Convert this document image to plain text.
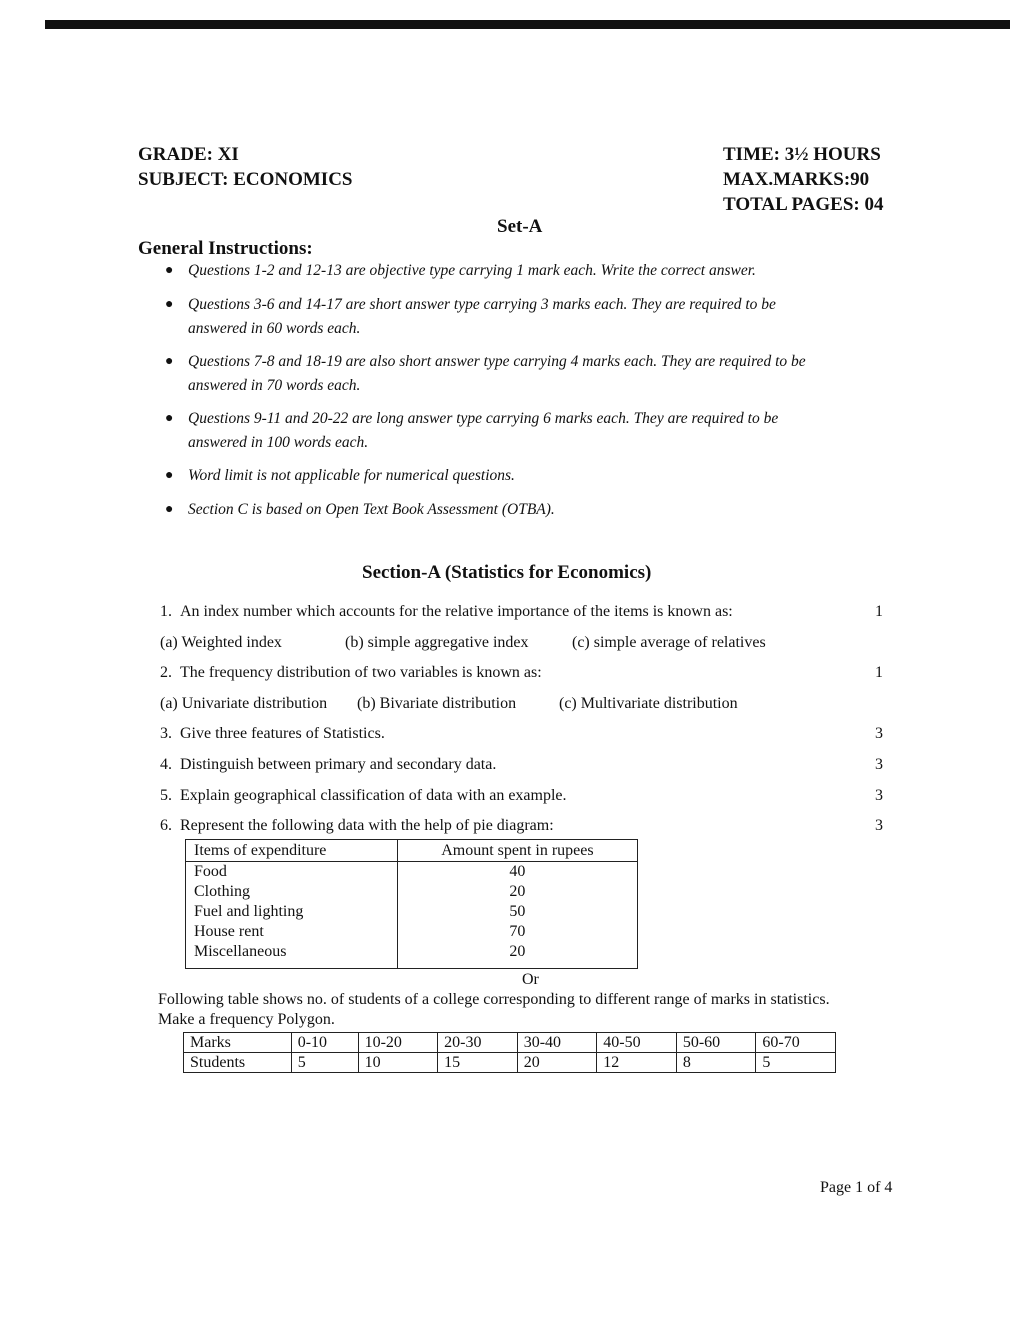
GRADE: XI
SUBJECT: ECONOMICS
TIME: 3½ HOURS
MAX.MARKS:90
TOTAL PAGES: 04
Set-A
General Instructions:
● Questions 1-2 and 12-13 are objective type carrying 1 mark each. Write the correct answer.
● Questions 3-6 and 14-17 are short answer type carrying 3 marks each. They are required to be
answered in 60 words each.
● Questions 7-8 and 18-19 are also short answer type carrying 4 marks each. They are required to be
answered in 70 words each.
● Questions 9-11 and 20-22 are long answer type carrying 6 marks each. They are required to be
answered in 100 words each.
● Word limit is not applicable for numerical questions.
● Section C is based on Open Text Book Assessment (OTBA).
Section-A (Statistics for Economics)
1. An index number which accounts for the relative importance of the items is known as:	1
(a) Weighted index	(b) simple aggregative index	(c) simple average of relatives
2. The frequency distribution of two variables is known as:	1
(a) Univariate distribution (b) Bivariate distribution	(c) Multivariate distribution
3. Give three features of Statistics.	3
4. Distinguish between primary and secondary data.	3
5. Explain geographical classification of data with an example.	3
6. Represent the following data with the help of pie diagram:	3
Items of expenditure	Amount spent in rupees
Food	40
Clothing	20
Fuel and lighting	50
House rent	70
Miscellaneous	20
Or
Following table shows no. of students of a college corresponding to different range of marks in statistics.
Make a frequency Polygon.
Marks	0-10	10-20	20-30	30-40	40-50	50-60	60-70
Students	5	10	15	20	12	8	5
Page 1 of 4
